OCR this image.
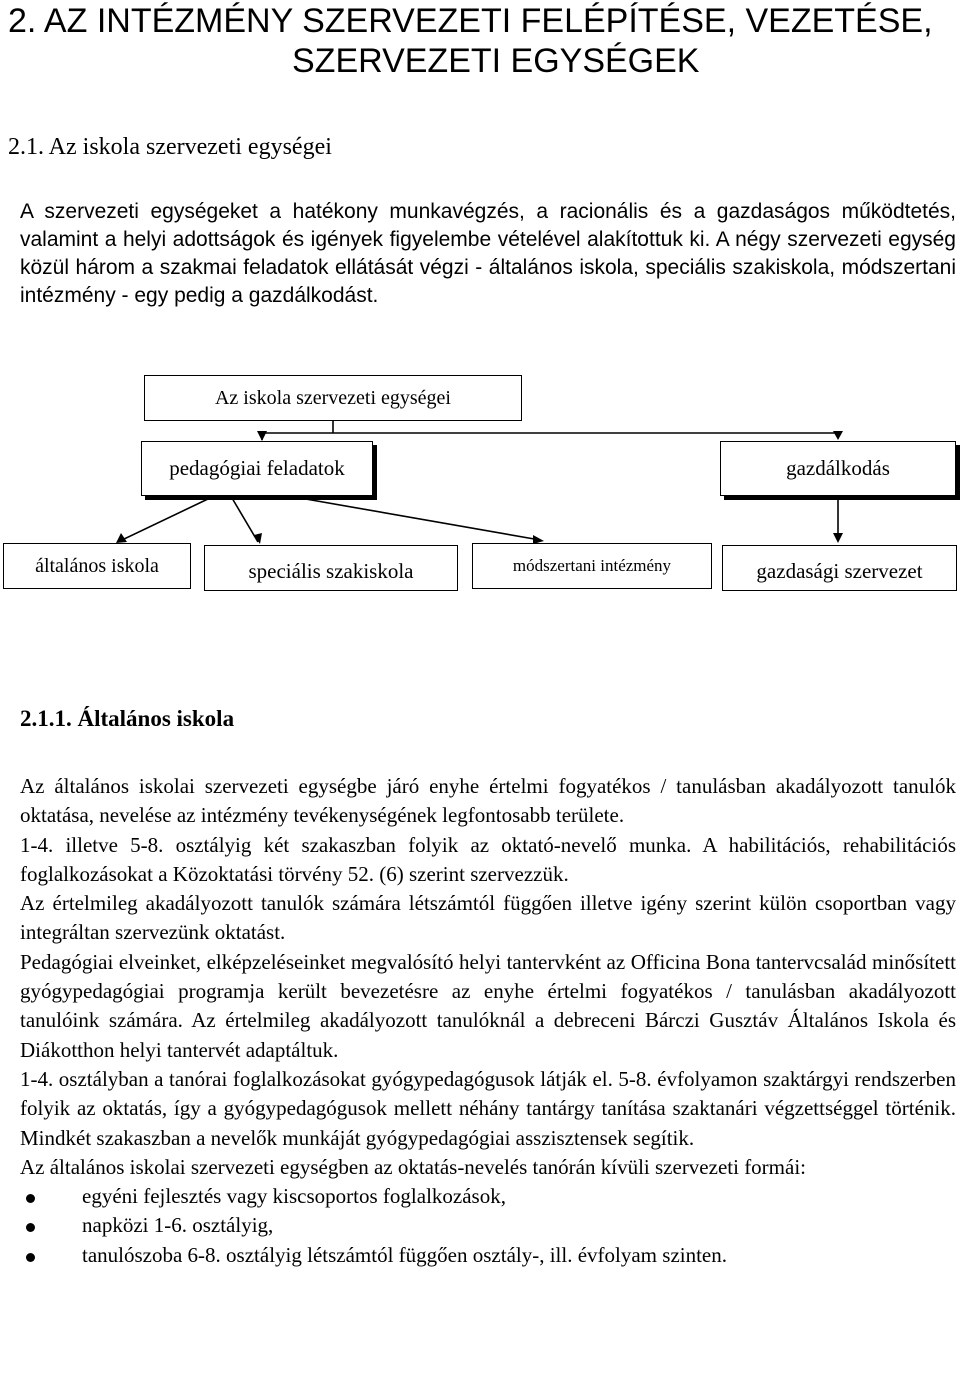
2. AZ INTÉZMÉNY SZERVEZETI FELÉPÍTÉSE, VEZETÉSE,
SZERVEZETI EGYSÉGEK
2.1. Az iskola szervezeti egységei

A szervezeti egységeket a hatékony munkavégzés, a racionális és a gazdaságos működtetés, valamint a helyi adottságok és igények figyelembe vételével alakítottuk ki. A négy szervezeti egység közül három a szakmai feladatok ellátását végzi - általános iskola, speciális szakiskola, módszertani intézmény - egy pedig a gazdálkodást.

Az iskola szervezeti egységei
pedagógiai feladatok	gazdálkodás
általános iskola	speciális szakiskola	módszertani intézmény	gazdasági szervezet
2.1.1. Általános iskola

Az általános iskolai szervezeti egységbe járó enyhe értelmi fogyatékos / tanulásban akadályozott tanulók oktatása, nevelése az intézmény tevékenységének legfontosabb területe.

1-4. illetve 5-8. osztályig két szakaszban folyik az oktató-nevelő munka. A habilitációs, rehabilitációs foglalkozásokat a Közoktatási törvény 52. (6) szerint szervezzük.

Az értelmileg akadályozott tanulók számára létszámtól függően illetve igény szerint külön csoportban vagy integráltan szervezünk oktatást.

Pedagógiai elveinket, elképzeléseinket megvalósító helyi tantervként az Officina Bona tantervcsalád minősített gyógypedagógiai programja került bevezetésre az enyhe értelmi fogyatékos / tanulásban akadályozott tanulóink számára. Az értelmileg akadályozott tanulóknál a debreceni Bárczi Gusztáv Általános Iskola és Diákotthon helyi tantervét adaptáltuk.

1-4. osztályban a tanórai foglalkozásokat gyógypedagógusok látják el. 5-8. évfolyamon szaktárgyi rendszerben folyik az oktatás, így a gyógypedagógusok mellett néhány tantárgy tanítása szaktanári végzettséggel történik. Mindkét szakaszban a nevelők munkáját gyógypedagógiai asszisztensek segítik.

Az általános iskolai szervezeti egységben az oktatás-nevelés tanórán kívüli szervezeti formái:

egyéni fejlesztés vagy kiscsoportos foglalkozások,
napközi 1-6. osztályig,
tanulószoba 6-8. osztályig létszámtól függően osztály-, ill. évfolyam szinten.
